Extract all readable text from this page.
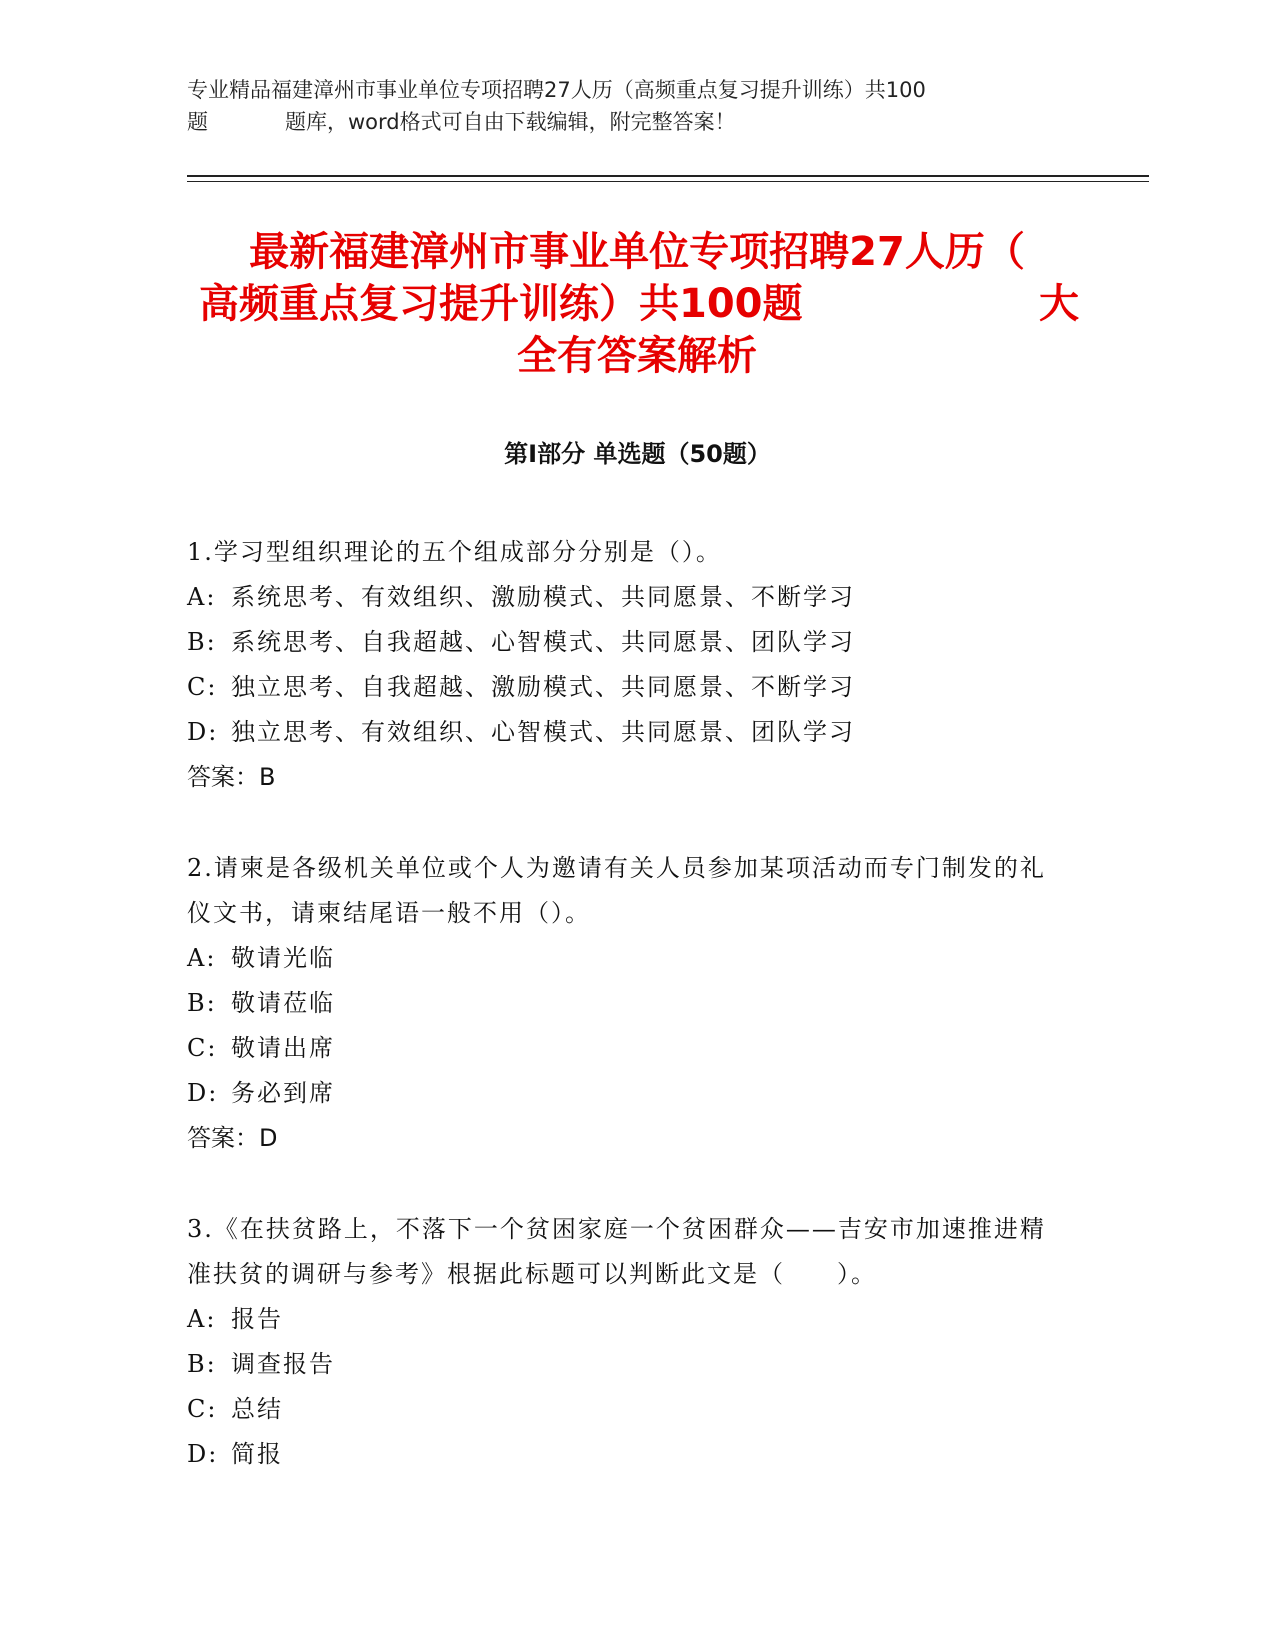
专业精品福建漳州市事业单位专项招聘27人历（高频重点复习提升训练）共100
题	题库，word格式可自由下载编辑，附完整答案！
最新福建漳州市事业单位专项招聘27人历（
高频重点复习提升训练）共100题	大
全有答案解析
第Ⅰ部分 单选题（50题）

1.学习型组织理论的五个组成部分分别是（）。

A: 系统思考、有效组织、激励模式、共同愿景、不断学习
B: 系统思考、自我超越、心智模式、共同愿景、团队学习
C: 独立思考、自我超越、激励模式、共同愿景、不断学习
D: 独立思考、有效组织、心智模式、共同愿景、团队学习
答案：B

2.请柬是各级机关单位或个人为邀请有关人员参加某项活动而专门制发的礼仪文书，请柬结尾语一般不用（）。

A: 敬请光临
B: 敬请莅临
C: 敬请出席
D: 务必到席
答案：D

3.《在扶贫路上，不落下一个贫困家庭一个贫困群众——吉安市加速推进精准扶贫的调研与参考》根据此标题可以判断此文是（　　）。

A: 报告
B: 调查报告
C: 总结
D: 简报
